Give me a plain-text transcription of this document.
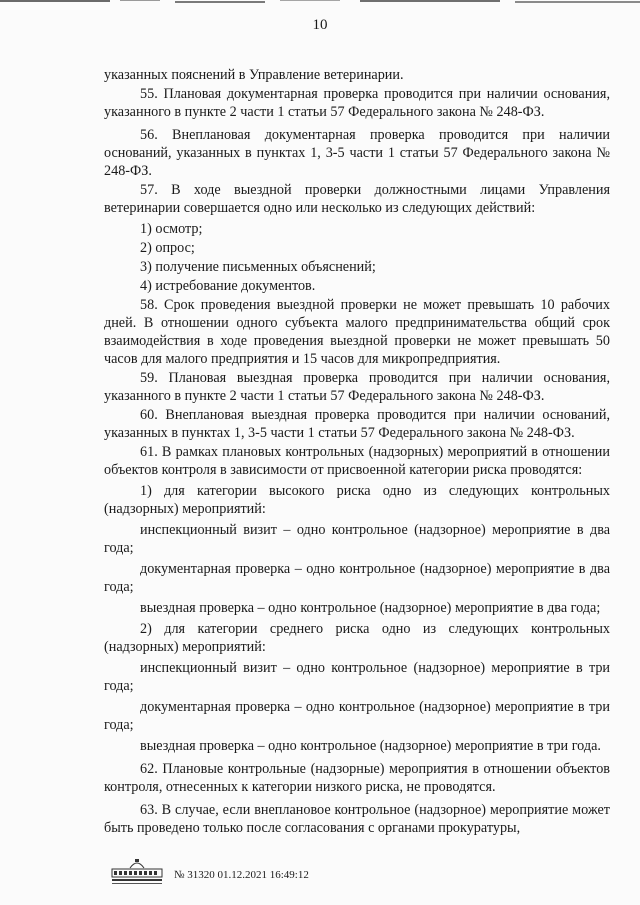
10

указанных пояснений в Управление ветеринарии.

55. Плановая документарная проверка проводится при наличии основания, указанного в пункте 2 части 1 статьи 57 Федерального закона № 248-ФЗ.

56. Внеплановая документарная проверка проводится при наличии оснований, указанных в пунктах 1, 3-5 части 1 статьи 57 Федерального закона № 248-ФЗ.

57. В ходе выездной проверки должностными лицами Управления ветеринарии совершается одно или несколько из следующих действий:

1) осмотр;

2) опрос;

3) получение письменных объяснений;

4) истребование документов.

58. Срок проведения выездной проверки не может превышать 10 рабочих дней. В отношении одного субъекта малого предпринимательства общий срок взаимодействия в ходе проведения выездной проверки не может превышать 50 часов для малого предприятия и 15 часов для микропредприятия.

59. Плановая выездная проверка проводится при наличии основания, указанного в пункте 2 части 1 статьи 57 Федерального закона № 248-ФЗ.

60. Внеплановая выездная проверка проводится при наличии оснований, указанных в пунктах 1, 3-5 части 1 статьи 57 Федерального закона № 248-ФЗ.

61. В рамках плановых контрольных (надзорных) мероприятий в отношении объектов контроля в зависимости от присвоенной категории риска проводятся:

1) для категории высокого риска одно из следующих контрольных (надзорных) мероприятий:

инспекционный визит – одно контрольное (надзорное) мероприятие в два года;

документарная проверка – одно контрольное (надзорное) мероприятие в два года;

выездная проверка – одно контрольное (надзорное) мероприятие в два года;

2) для категории среднего риска одно из следующих контрольных (надзорных) мероприятий:

инспекционный визит – одно контрольное (надзорное) мероприятие в три года;

документарная проверка – одно контрольное (надзорное) мероприятие в три года;

выездная проверка – одно контрольное (надзорное) мероприятие в три года.

62. Плановые контрольные (надзорные) мероприятия в отношении объектов контроля, отнесенных к категории низкого риска, не проводятся.

63. В случае, если внеплановое контрольное (надзорное) мероприятие может быть проведено только после согласования с органами прокуратуры,

№ 31320 01.12.2021 16:49:12
